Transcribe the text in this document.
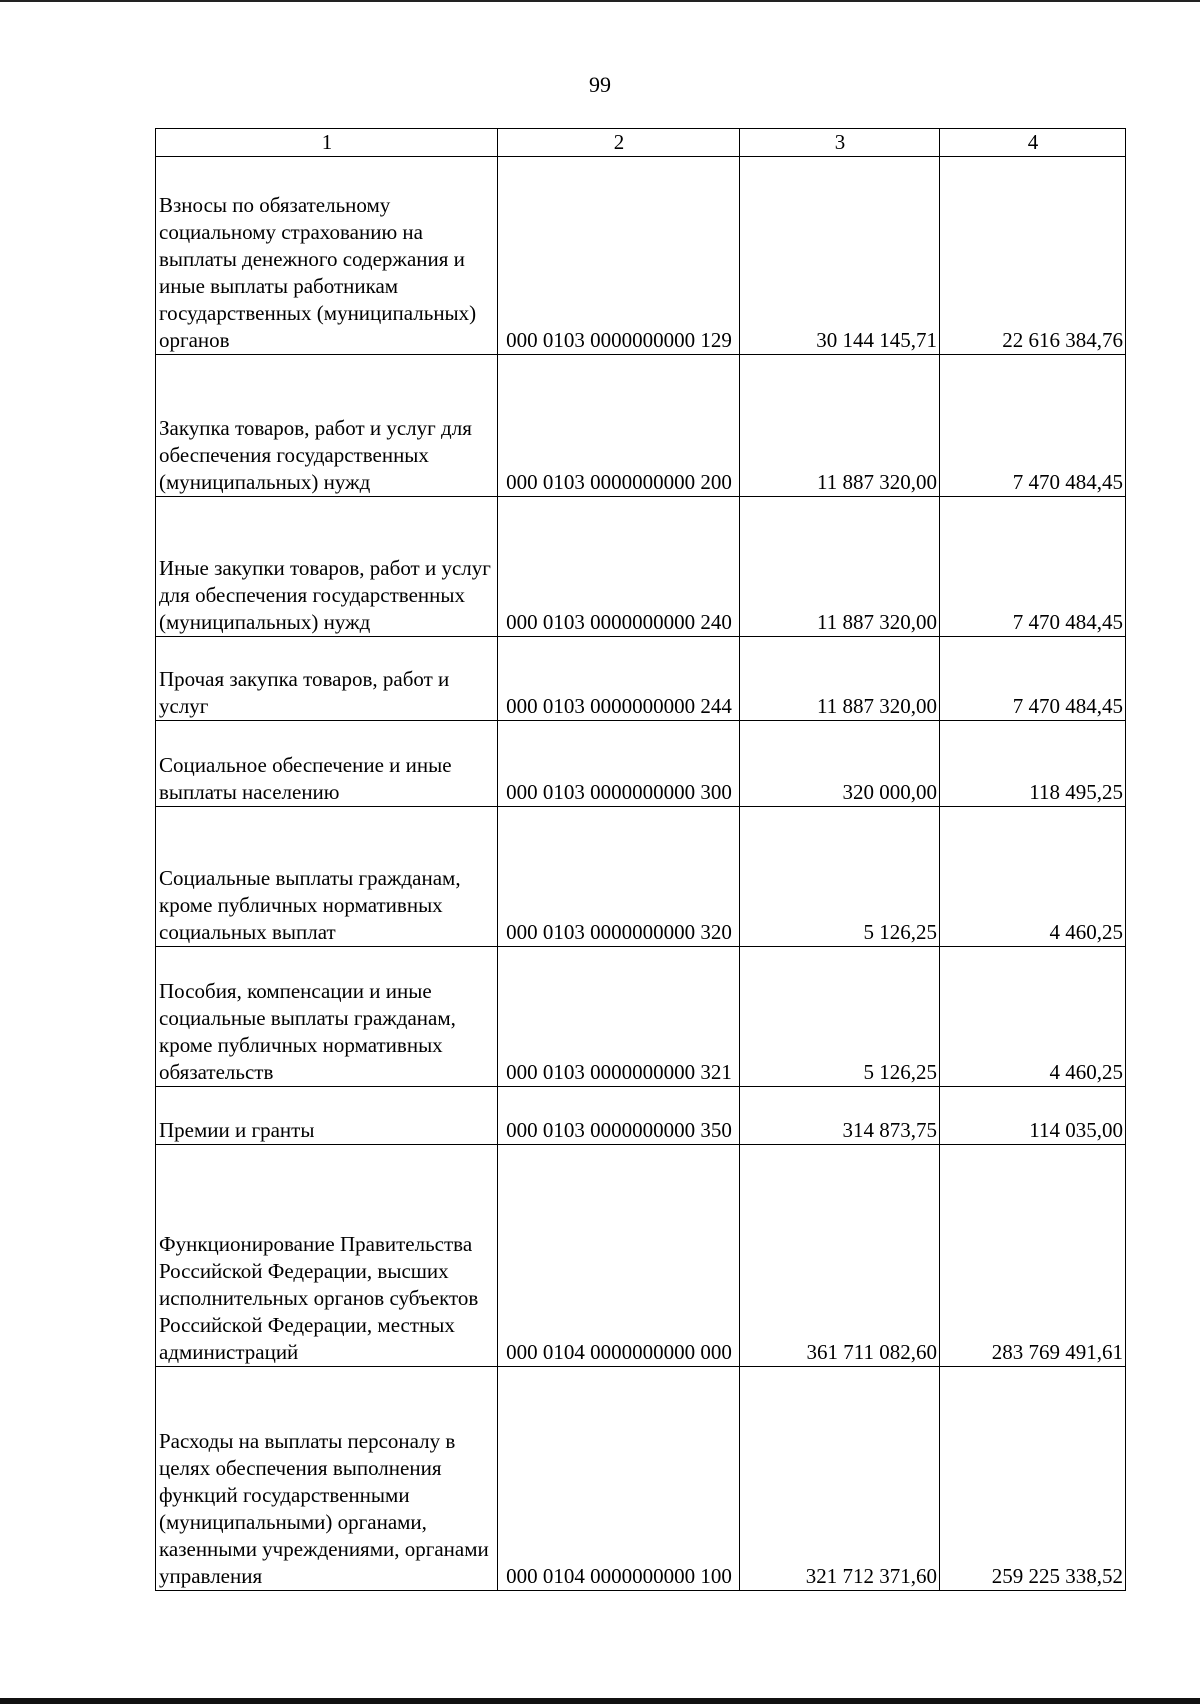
99
1	2	3	4
Взносы по обязательному социальному страхованию на выплаты денежного содержания и иные выплаты работникам государственных (муниципальных) органов	000 0103 0000000000 129	30 144 145,71	22 616 384,76
Закупка товаров, работ и услуг для обеспечения государственных (муниципальных) нужд	000 0103 0000000000 200	11 887 320,00	7 470 484,45
Иные закупки товаров, работ и услуг для обеспечения государственных (муниципальных) нужд	000 0103 0000000000 240	11 887 320,00	7 470 484,45
Прочая закупка товаров, работ и услуг	000 0103 0000000000 244	11 887 320,00	7 470 484,45
Социальное обеспечение и иные выплаты населению	000 0103 0000000000 300	320 000,00	118 495,25
Социальные выплаты гражданам, кроме публичных нормативных социальных выплат	000 0103 0000000000 320	5 126,25	4 460,25
Пособия, компенсации и иные социальные выплаты гражданам, кроме публичных нормативных обязательств	000 0103 0000000000 321	5 126,25	4 460,25
Премии и гранты	000 0103 0000000000 350	314 873,75	114 035,00
Функционирование Правительства Российской Федерации, высших исполнительных органов субъектов Российской Федерации, местных администраций	000 0104 0000000000 000	361 711 082,60	283 769 491,61
Расходы на выплаты персоналу в целях обеспечения выполнения функций государственными (муниципальными) органами, казенными учреждениями, органами управления	000 0104 0000000000 100	321 712 371,60	259 225 338,52
